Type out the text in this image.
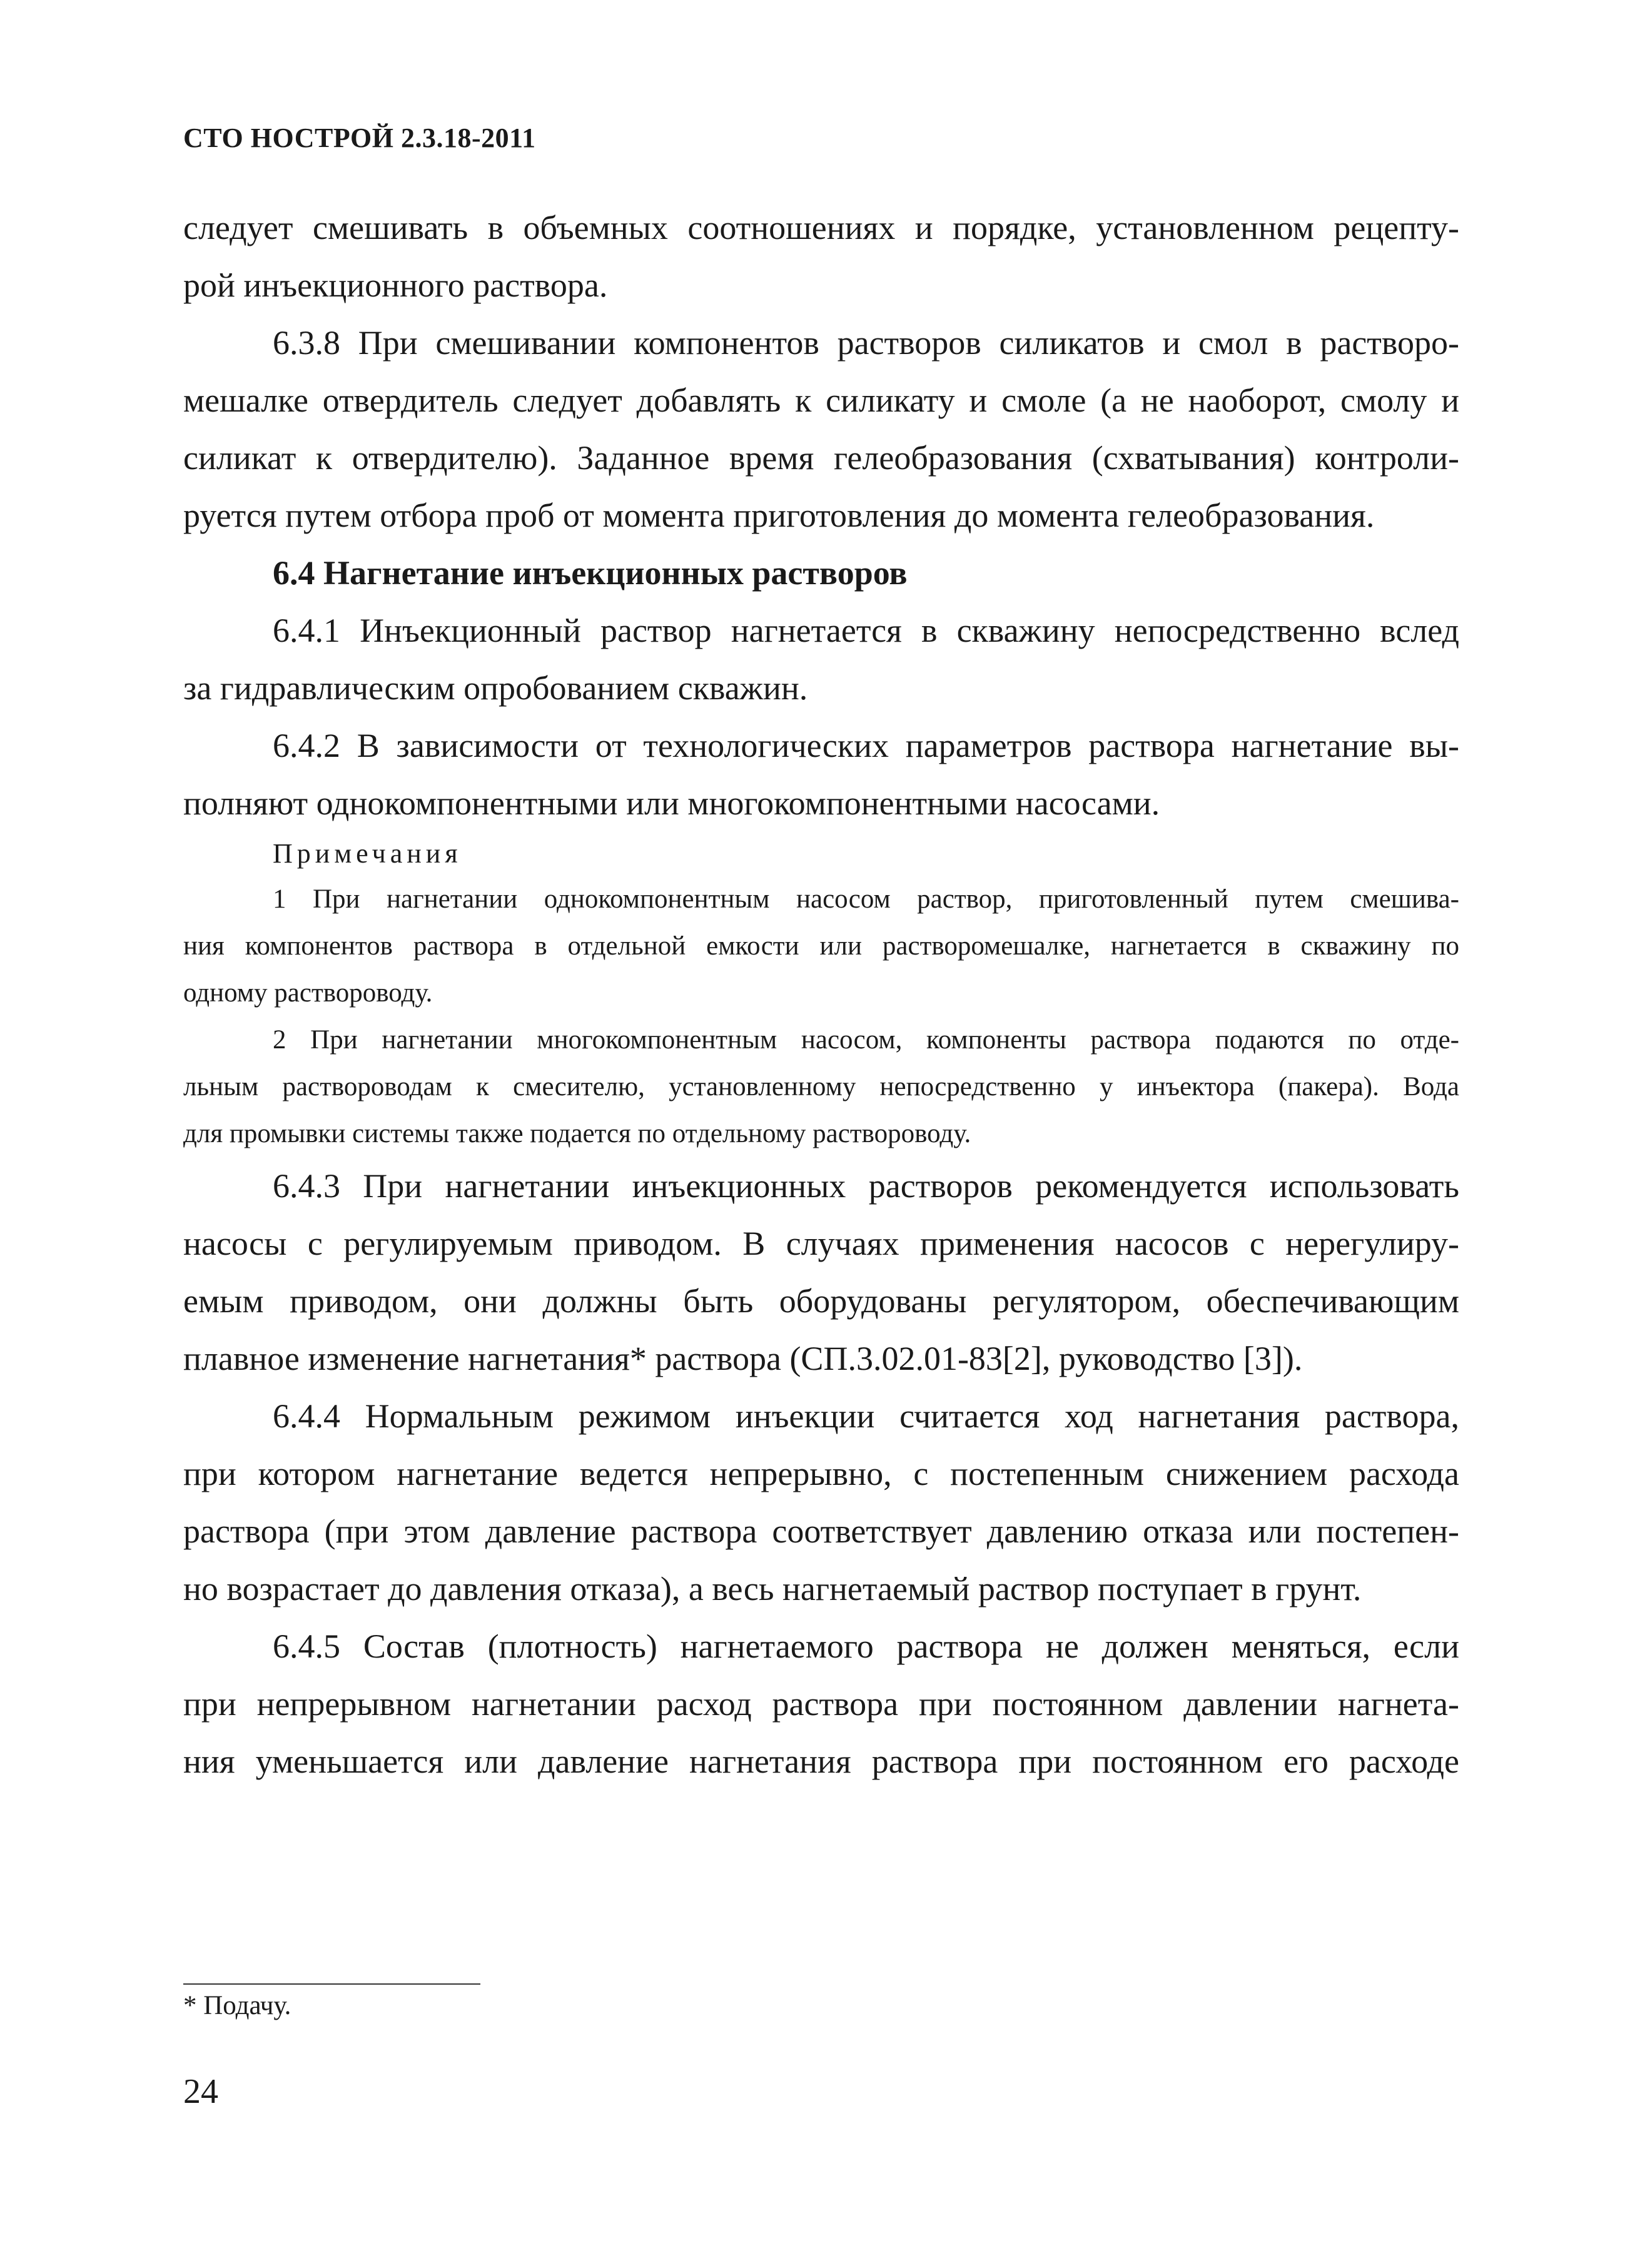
СТО НОСТРОЙ 2.3.18-2011
следует смешивать в объемных соотношениях и порядке, установленном рецепту-
рой инъекционного раствора.
6.3.8 При смешивании компонентов растворов силикатов и смол в растворо-
мешалке отвердитель следует добавлять к силикату и смоле (а не наоборот, смолу и
силикат к отвердителю). Заданное время гелеобразования (схватывания) контроли-
руется путем отбора проб от момента приготовления до момента гелеобразования.
6.4 Нагнетание инъекционных растворов
6.4.1 Инъекционный раствор нагнетается в скважину непосредственно вслед
за гидравлическим опробованием скважин.
6.4.2 В зависимости от технологических параметров раствора нагнетание вы-
полняют однокомпонентными или многокомпонентными насосами.
Примечания
1 При нагнетании однокомпонентным насосом раствор, приготовленный путем смешива-
ния компонентов раствора в отдельной емкости или растворомешалке, нагнетается в скважину по
одному раствороводу.
2 При нагнетании многокомпонентным насосом, компоненты раствора подаются по отде-
льным раствороводам к смесителю, установленному непосредственно у инъектора (пакера). Вода
для промывки системы также подается по отдельному раствороводу.
6.4.3 При нагнетании инъекционных растворов рекомендуется использовать
насосы с регулируемым приводом. В случаях применения насосов с нерегулиру-
емым приводом, они должны быть оборудованы регулятором, обеспечивающим
плавное изменение нагнетания* раствора (СП.3.02.01-83[2], руководство [3]).
6.4.4 Нормальным режимом инъекции считается ход нагнетания раствора,
при котором нагнетание ведется непрерывно, с постепенным снижением расхода
раствора (при этом давление раствора соответствует давлению отказа или постепен-
но возрастает до давления отказа), а весь нагнетаемый раствор поступает в грунт.
6.4.5 Состав (плотность) нагнетаемого раствора не должен меняться, если
при непрерывном нагнетании расход раствора при постоянном давлении нагнета-
ния уменьшается или давление нагнетания раствора при постоянном его расходе
* Подачу.
24
